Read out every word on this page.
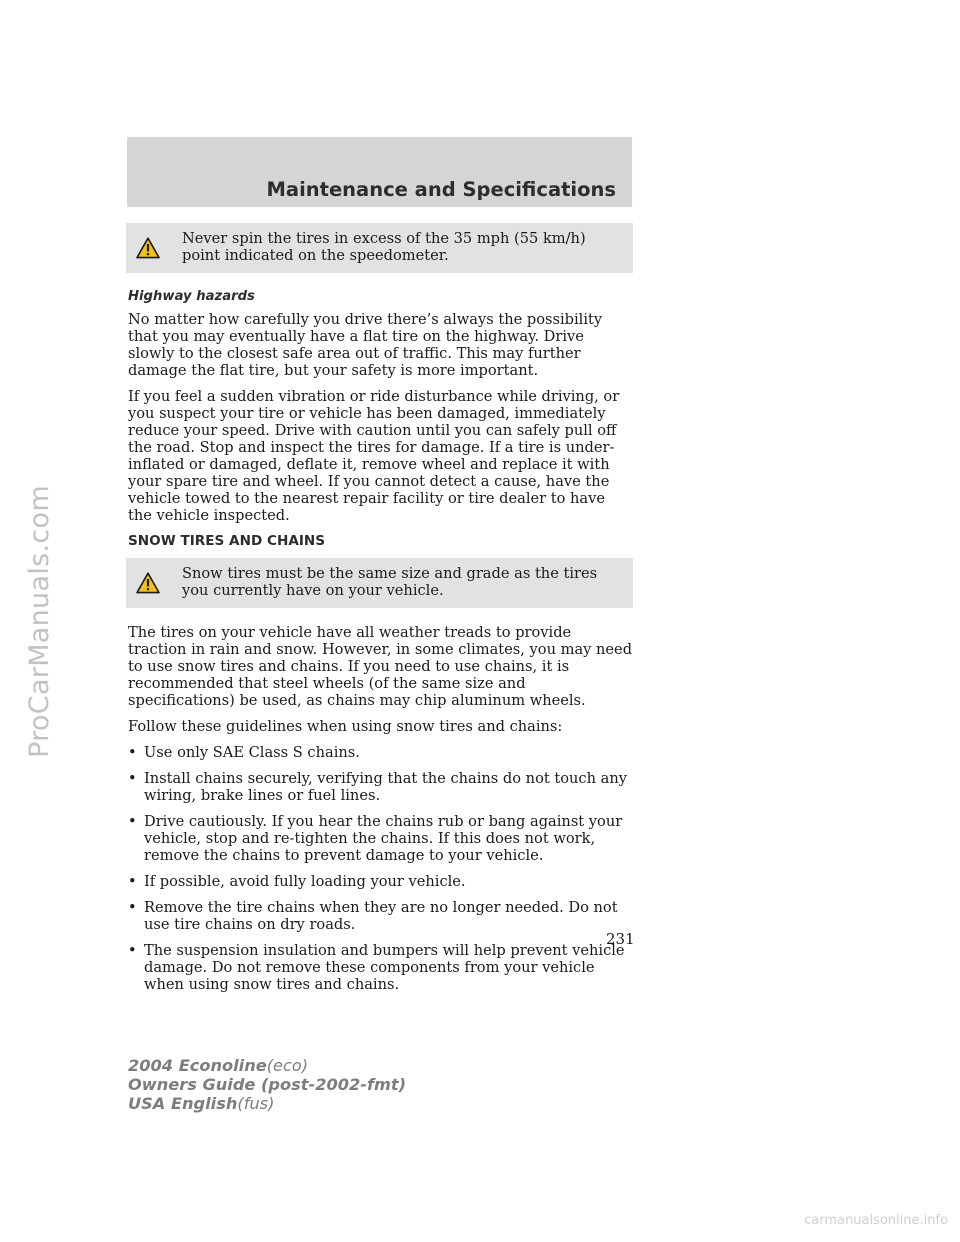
ProCarManuals.com
Maintenance and Specifications
Never spin the tires in excess of the 35 mph (55 km/h) point indicated on the speedometer.
Highway hazards

No matter how carefully you drive there’s always the possibility that you may eventually have a flat tire on the highway. Drive slowly to the closest safe area out of traffic. This may further damage the flat tire, but your safety is more important.

If you feel a sudden vibration or ride disturbance while driving, or you suspect your tire or vehicle has been damaged, immediately reduce your speed. Drive with caution until you can safely pull off the road. Stop and inspect the tires for damage. If a tire is under-inflated or damaged, deflate it, remove wheel and replace it with your spare tire and wheel. If you cannot detect a cause, have the vehicle towed to the nearest repair facility or tire dealer to have the vehicle inspected.

SNOW TIRES AND CHAINS
Snow tires must be the same size and grade as the tires you currently have on your vehicle.

The tires on your vehicle have all weather treads to provide traction in rain and snow. However, in some climates, you may need to use snow tires and chains. If you need to use chains, it is recommended that steel wheels (of the same size and specifications) be used, as chains may chip aluminum wheels.

Follow these guidelines when using snow tires and chains:

• Use only SAE Class S chains.
• Install chains securely, verifying that the chains do not touch any wiring, brake lines or fuel lines.
• Drive cautiously. If you hear the chains rub or bang against your vehicle, stop and re-tighten the chains. If this does not work, remove the chains to prevent damage to your vehicle.
• If possible, avoid fully loading your vehicle.
• Remove the tire chains when they are no longer needed. Do not use tire chains on dry roads.
• The suspension insulation and bumpers will help prevent vehicle damage. Do not remove these components from your vehicle when using snow tires and chains.
231
2004 Econoline(eco)
Owners Guide (post-2002-fmt)
USA English(fus)
carmanualsonline.info
